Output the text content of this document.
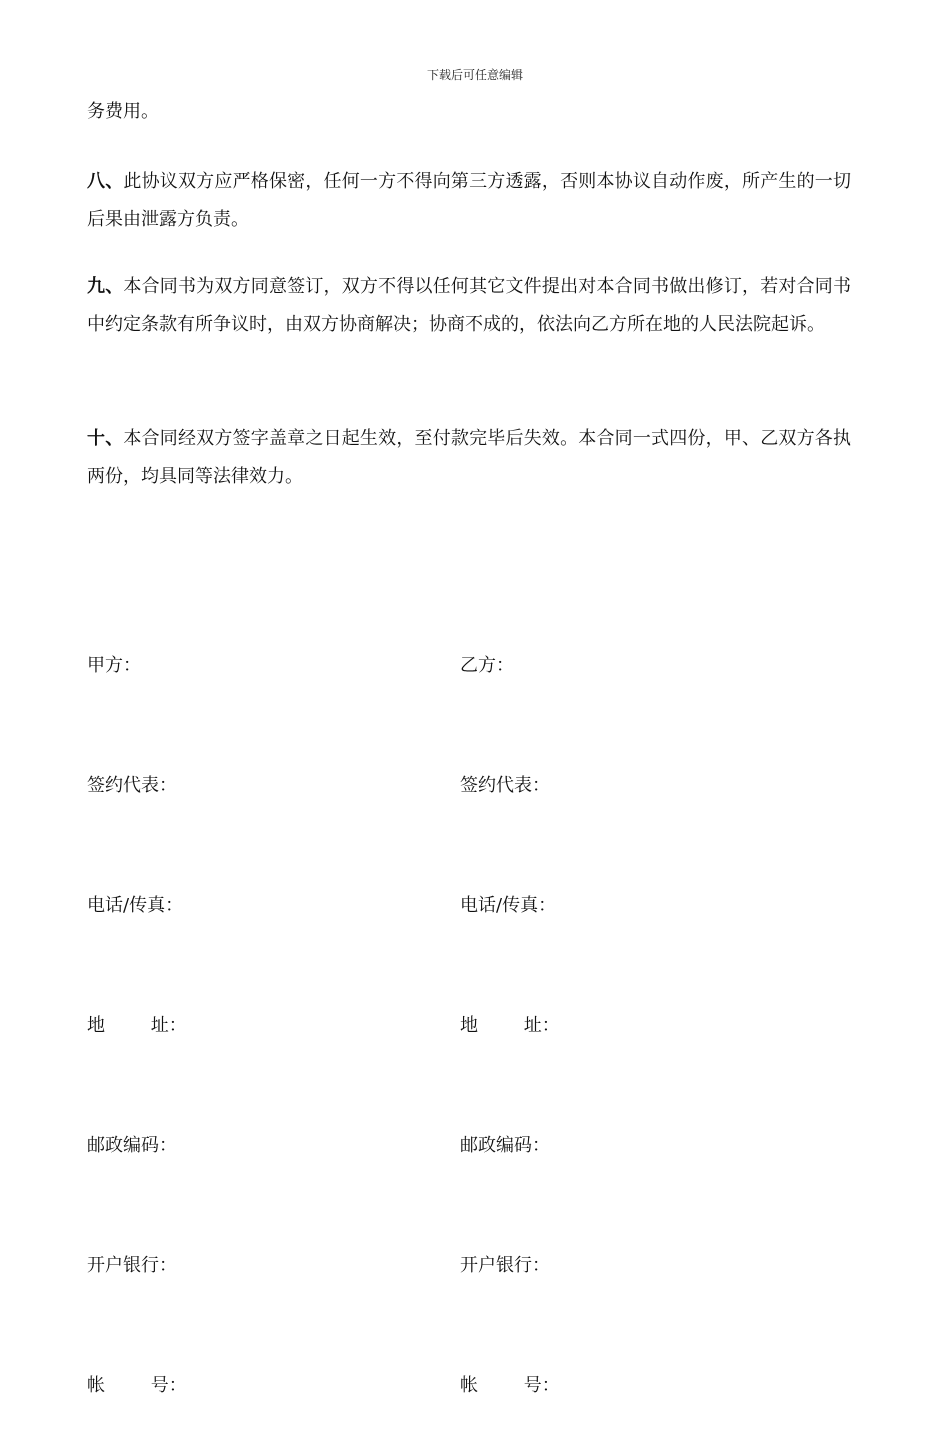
下载后可任意编辑
务费用。
八、此协议双方应严格保密，任何一方不得向第三方透露，否则本协议自动作废，所产生的一切后果由泄露方负责。
九、本合同书为双方同意签订，双方不得以任何其它文件提出对本合同书做出修订，若对合同书中约定条款有所争议时，由双方协商解决；协商不成的，依法向乙方所在地的人民法院起诉。
十、本合同经双方签字盖章之日起生效，至付款完毕后失效。本合同一式四份，甲、乙双方各执两份，均具同等法律效力。

甲方：

签约代表：

电话/传真：

地        址：

邮政编码：

开户银行：

帐        号：

乙方：

签约代表：

电话/传真：

地        址：

邮政编码：

开户银行：

帐        号：
